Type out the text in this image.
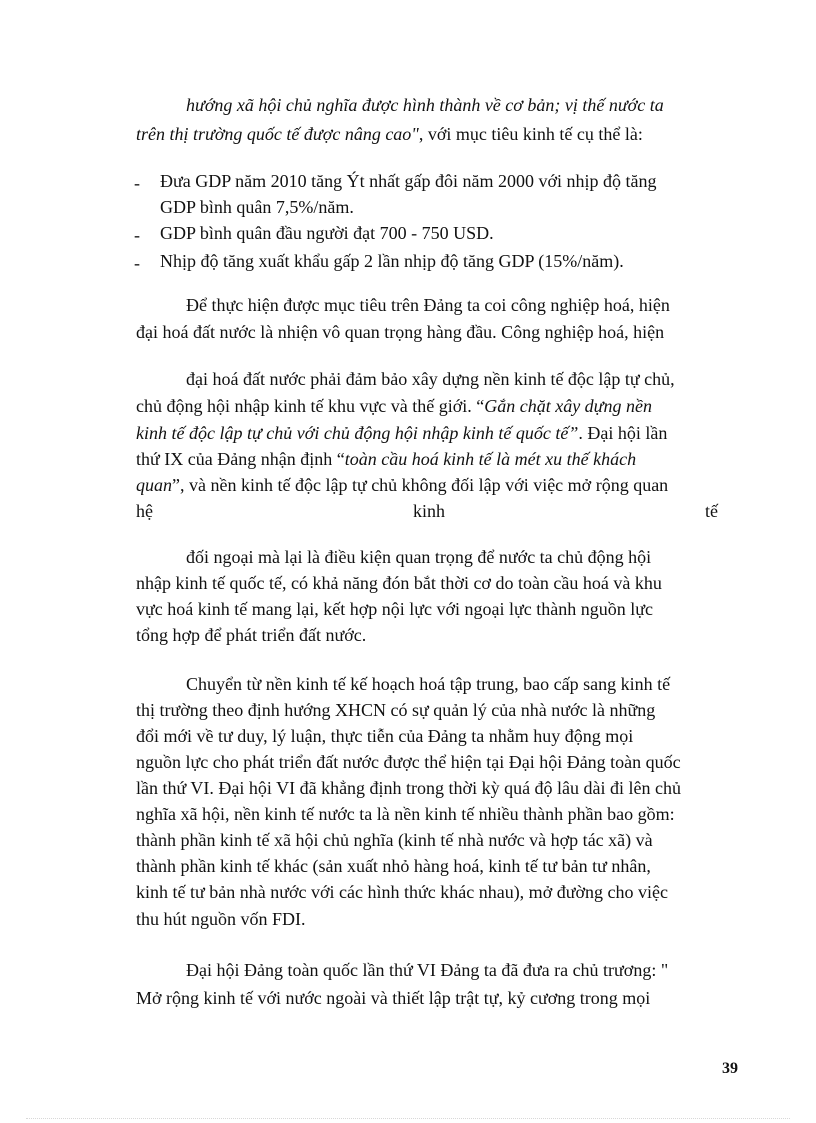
hướng xã hội chủ nghĩa được hình thành về cơ bản; vị thế nước ta
trên thị trường quốc tế được nâng cao", với mục tiêu kinh tế cụ thể là:
-	Đưa GDP năm 2010 tăng Ýt nhất gấp đôi năm 2000 với nhịp độ tăng
GDP bình quân 7,5%/năm.
-	GDP bình quân đầu người đạt 700 - 750 USD.
-	Nhịp độ tăng xuất khẩu gấp 2 lần nhịp độ tăng GDP (15%/năm).
Để thực hiện được mục tiêu trên Đảng ta coi công nghiệp hoá, hiện
đại hoá đất nước là nhiện vô quan trọng hàng đầu. Công nghiệp hoá, hiện
đại hoá đất nước phải đảm bảo xây dựng nền kinh tế độc lập tự chủ,
chủ động hội nhập kinh tế khu vực và thế giới. “Gắn chặt xây dựng nền
kinh tế độc lập tự chủ với chủ động hội nhập kinh tế quốc tế”. Đại hội lần
thứ IX của Đảng nhận định “toàn cầu hoá kinh tế là mét xu thế khách
quan”, và nền kinh tế độc lập tự chủ không đối lập với việc mở rộng quan
hệ kinh tế
đối ngoại mà lại là điều kiện quan trọng để nước ta chủ động hội
nhập kinh tế quốc tế, có khả năng đón bắt thời cơ do toàn cầu hoá và khu
vực hoá kinh tế mang lại, kết hợp nội lực với ngoại lực thành nguồn lực
tổng hợp để phát triển đất nước.
Chuyển từ nền kinh tế kế hoạch hoá tập trung, bao cấp sang kinh tế
thị trường theo định hướng XHCN có sự quản lý của nhà nước là những
đổi mới về tư duy, lý luận, thực tiễn của Đảng ta nhằm huy động mọi
nguồn lực cho phát triển đất nước được thể hiện tại Đại hội Đảng toàn quốc
lần thứ VI. Đại hội VI đã khẳng định trong thời kỳ quá độ lâu dài đi lên chủ
nghĩa xã hội, nền kinh tế nước ta là nền kinh tế nhiều thành phần bao gồm:
thành phần kinh tế xã hội chủ nghĩa (kinh tế nhà nước và hợp tác xã) và
thành phần kinh tế khác (sản xuất nhỏ hàng hoá, kinh tế tư bản tư nhân,
kinh tế tư bản nhà nước với các hình thức khác nhau), mở đường cho việc
thu hút nguồn vốn FDI.
Đại hội Đảng toàn quốc lần thứ VI Đảng ta đã đưa ra chủ trương: "
Mở rộng kinh tế với nước ngoài và thiết lập trật tự, kỷ cương trong mọi
39
